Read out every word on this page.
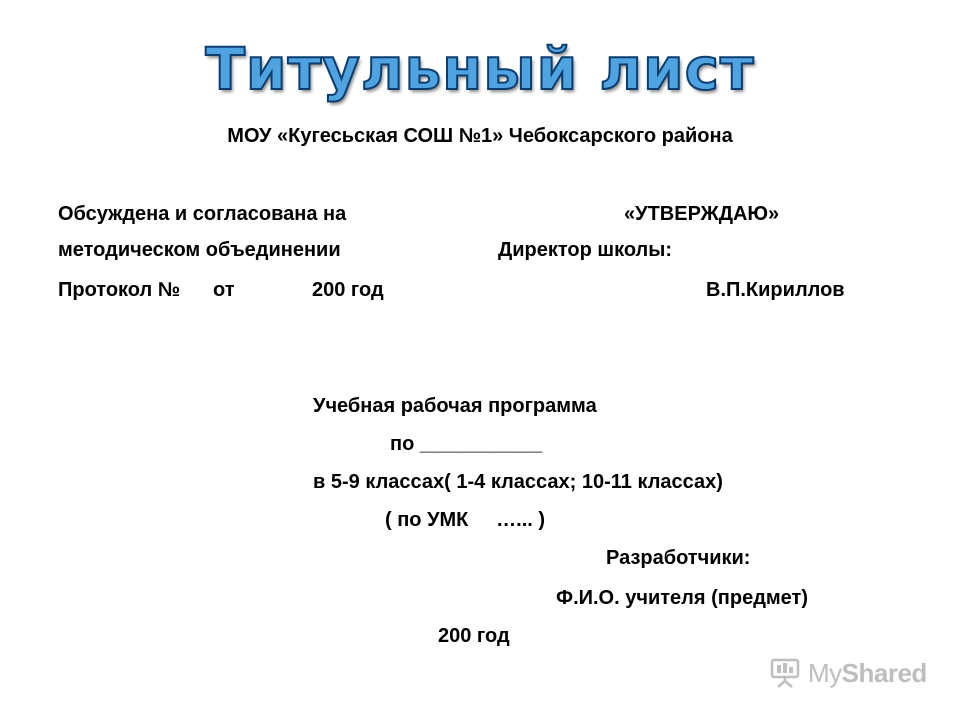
Титульный лист
МОУ «Кугесьская СОШ №1» Чебоксарского района
Обсуждена и согласована на
методическом объединении
Протокол № от	200 год
«УТВЕРЖДАЮ»
Директор школы:
В.П.Кириллов
Учебная рабочая программа
по ___________
в 5-9 классах( 1-4 классах; 10-11 классах)
( по УМК     …... )
Разработчики:
Ф.И.О. учителя (предмет)
200 год
MyShared
